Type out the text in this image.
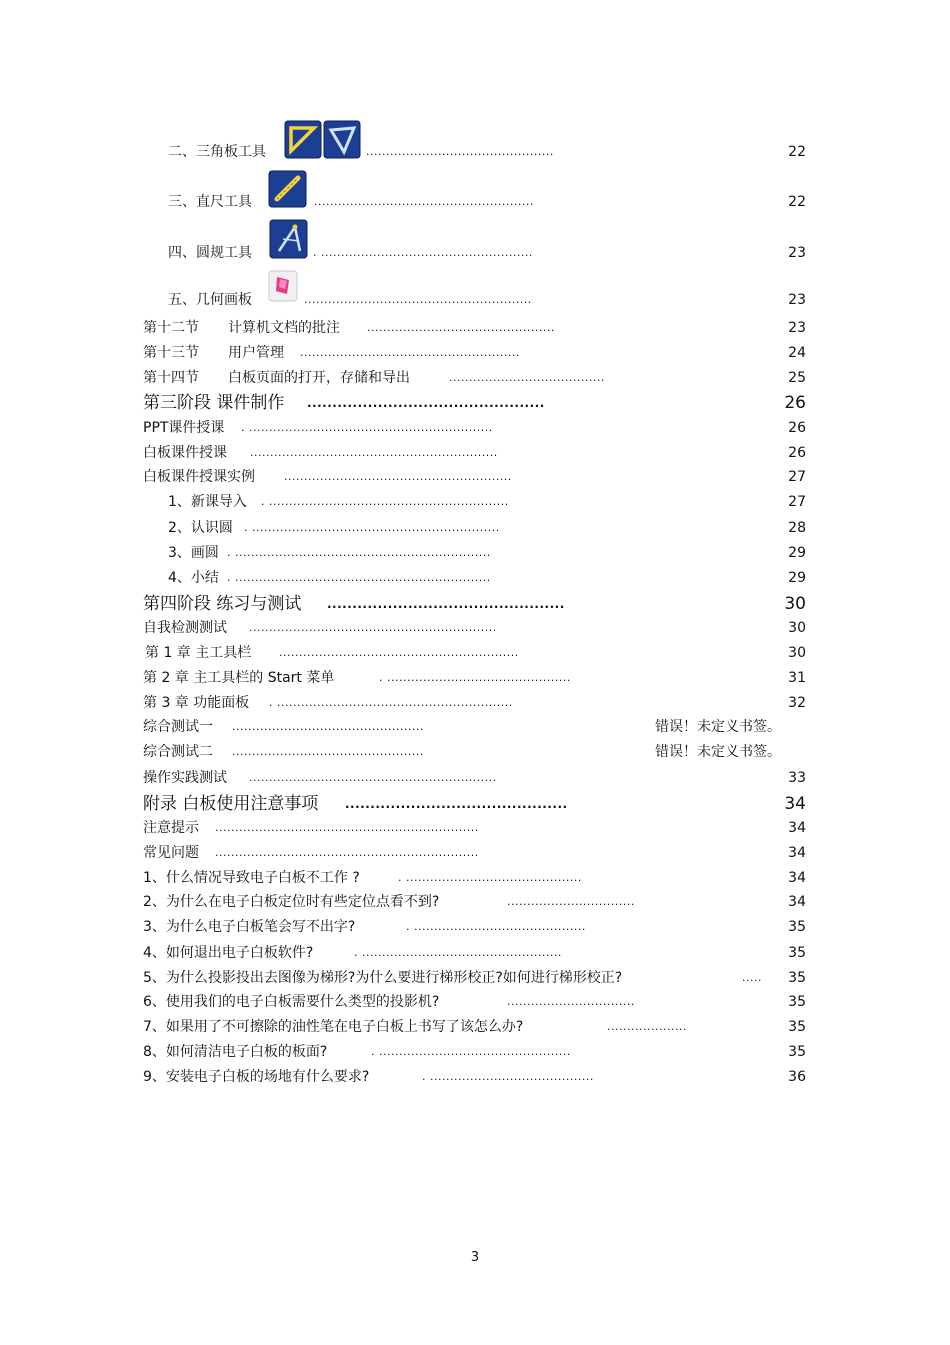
二、三角板工具	...............................................	22
三、直尺工具	.......................................................	22
四、圆规工具	. .....................................................	23
五、几何画板	.........................................................	23
第十二节 计算机文档的批注 ...............................................	23
第十三节 用户管理 .......................................................	24
第十四节 白板页面的打开，存储和导出	.......................................	25
第三阶段 课件制作 ...............................................	26
PPT课件授课 . .............................................................	26
白板课件授课 ..............................................................	26
白板课件授课实例	.........................................................	27
1、新课导入 . ............................................................	27
2、认识圆 . ..............................................................	28
3、画圆 . ................................................................	29
4、小结 . ................................................................	29
第四阶段 练习与测试 ...............................................	30
自我检测测试 ..............................................................	30
第 1 章 主工具栏	............................................................	30
第 2 章 主工具栏的 Start 菜单	. ..............................................	31
第 3 章 功能面板 . ...........................................................	32
综合测试一 ................................................	错误！未定义书签。
综合测试二 ................................................	错误！未定义书签。
操作实践测试 ..............................................................	33
附录 白板使用注意事项 ............................................	34
注意提示 ..................................................................	34
常见问题 ..................................................................	34
1、什么情况导致电子白板不工作 ?	. ............................................	34
2、为什么在电子白板定位时有些定位点看不到?	................................	34
3、为什么电子白板笔会写不出字?	. ...........................................	35
4、如何退出电子白板软件?	. ..................................................	35
5、为什么投影投出去图像为梯形?为什么要进行梯形校正?如何进行梯形校正?	..... 35
6、使用我们的电子白板需要什么类型的投影机?	................................	35
7、如果用了不可擦除的油性笔在电子白板上书写了该怎么办?	....................	35
8、如何清洁电子白板的板面?	. ................................................	35
9、安装电子白板的场地有什么要求?	. .........................................	36
3
